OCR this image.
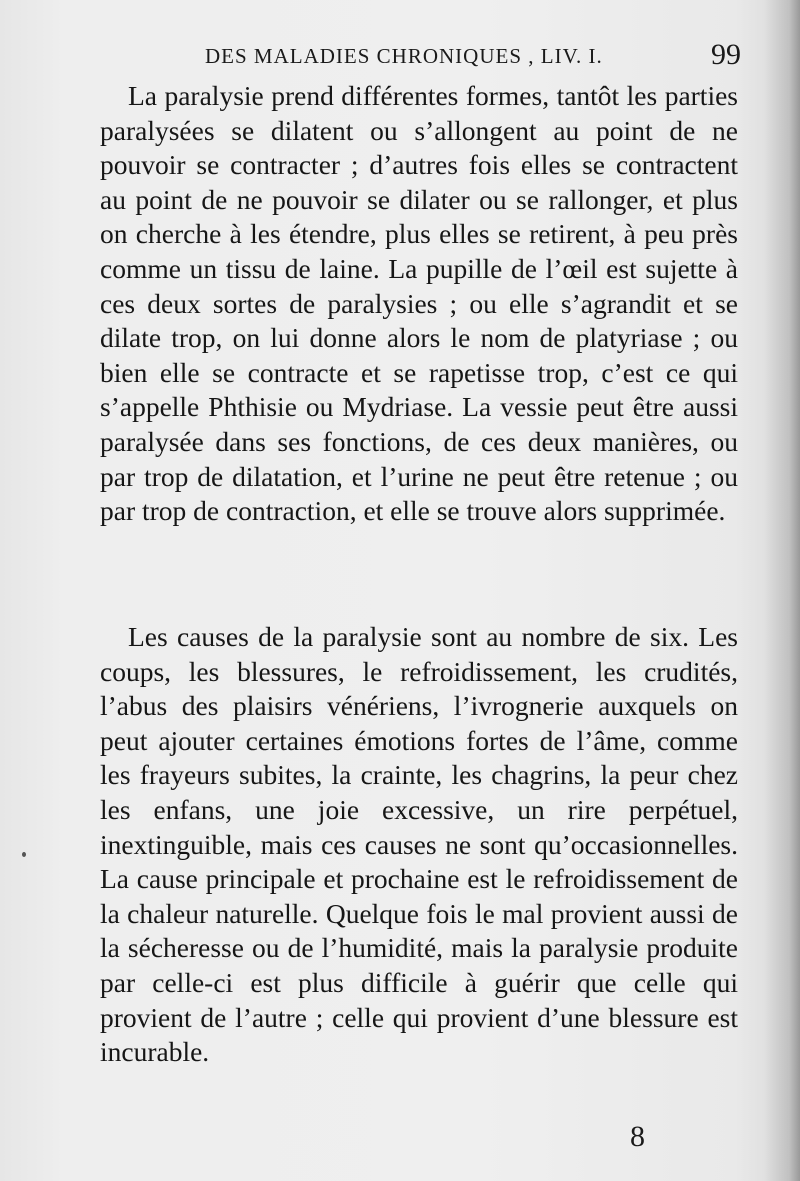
DES MALADIES CHRONIQUES , LIV. I.	99

La paralysie prend différentes formes, tantôt les parties paralysées se dilatent ou s’allongent au point de ne pouvoir se contracter ; d’autres fois elles se contractent au point de ne pouvoir se dilater ou se rallonger, et plus on cherche à les étendre, plus elles se retirent, à peu près comme un tissu de laine. La pupille de l’œil est sujette à ces deux sortes de paralysies ; ou elle s’agrandit et se dilate trop, on lui donne alors le nom de platyriase ; ou bien elle se contracte et se rapetisse trop, c’est ce qui s’appelle Phthisie ou Mydriase. La vessie peut être aussi paralysée dans ses fonctions, de ces deux manières, ou par trop de dilatation, et l’urine ne peut être retenue ; ou par trop de contraction, et elle se trouve alors supprimée.

Les causes de la paralysie sont au nombre de six. Les coups, les blessures, le refroidissement, les crudités, l’abus des plaisirs vénériens, l’ivrognerie auxquels on peut ajouter certaines émotions fortes de l’âme, comme les frayeurs subites, la crainte, les chagrins, la peur chez les enfans, une joie excessive, un rire perpétuel, inextinguible, mais ces causes ne sont qu’occasionnelles. La cause principale et prochaine est le refroidissement de la chaleur naturelle. Quelque fois le mal provient aussi de la sécheresse ou de l’humidité, mais la paralysie produite par celle-ci est plus difficile à guérir que celle qui provient de l’autre ; celle qui provient d’une blessure est incurable.

8
